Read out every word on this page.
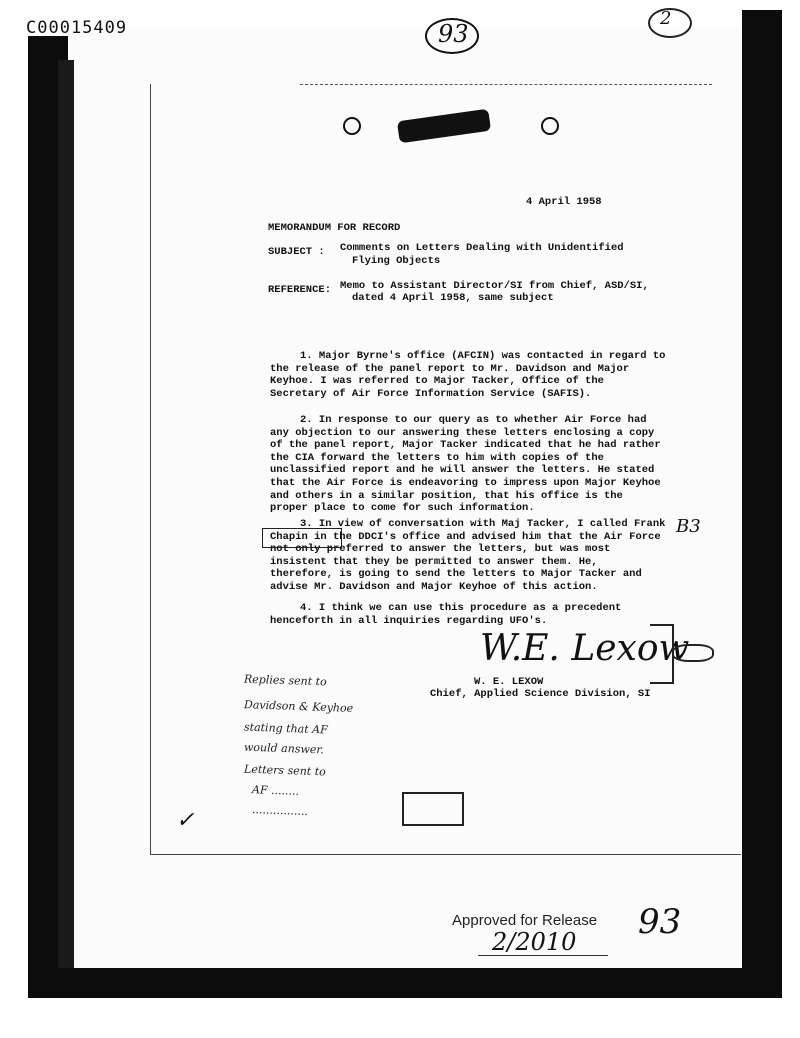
C00015409	93
2
4 April 1958
MEMORANDUM FOR RECORD
SUBJECT : Comments on Letters Dealing with Unidentified
Flying Objects
REFERENCE: Memo to Assistant Director/SI from Chief, ASD/SI,
dated 4 April 1958, same subject
1. Major Byrne's office (AFCIN) was contacted in regard to the release of the panel report to Mr. Davidson and Major Keyhoe. I was referred to Major Tacker, Office of the Secretary of Air Force Information Service (SAFIS).
2. In response to our query as to whether Air Force had any objection to our answering these letters enclosing a copy of the panel report, Major Tacker indicated that he had rather the CIA forward the letters to him with copies of the unclassified report and he will answer the letters. He stated that the Air Force is endeavoring to impress upon Major Keyhoe and others in a similar position, that his office is the proper place to come for such information.
3. In view of conversation with Maj Tacker, I called Frank Chapin in the DDCI's office and advised him that the Air Force not only preferred to answer the letters, but was most insistent that they be permitted to answer them. He, therefore, is going to send the letters to Major Tacker and advise Mr. Davidson and Major Keyhoe of this action.
4. I think we can use this procedure as a precedent henceforth in all inquiries regarding UFO's.
B3
W.E. Lexow
W. E. LEXOW
Chief, Applied Science Division, SI
Replies sent to
Davidson & Keyhoe
stating that AF
would answer.
Letters sent to
AF ........
................
✓
Approved for Release
2/2010 93
